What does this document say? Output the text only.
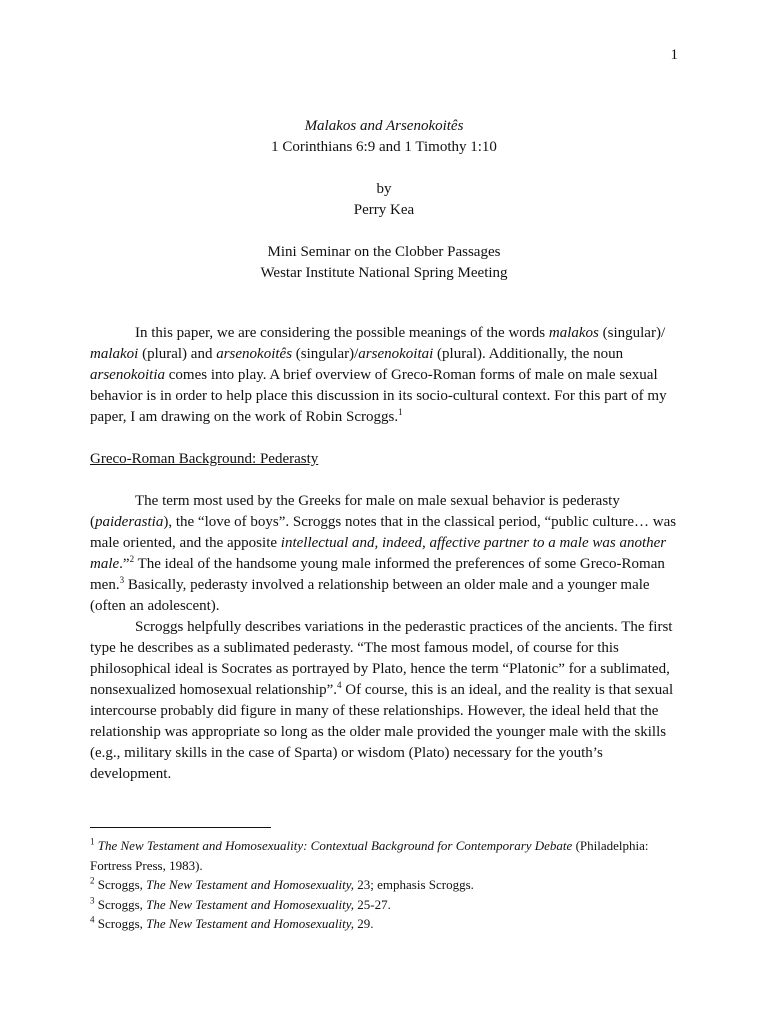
1
Malakos and Arsenokoitês
1 Corinthians 6:9 and 1 Timothy 1:10
by
Perry Kea
Mini Seminar on the Clobber Passages
Westar Institute National Spring Meeting

In this paper, we are considering the possible meanings of the words malakos (singular)/ malakoi (plural) and arsenokoitês (singular)/arsenokoitai (plural). Additionally, the noun arsenokoitia comes into play. A brief overview of Greco-Roman forms of male on male sexual behavior is in order to help place this discussion in its socio-cultural context. For this part of my paper, I am drawing on the work of Robin Scroggs.$^1$

Greco-Roman Background: Pederasty

The term most used by the Greeks for male on male sexual behavior is pederasty (paiderastia), the “love of boys”. Scroggs notes that in the classical period, “public culture… was male oriented, and the apposite intellectual and, indeed, affective partner to a male was another male.”$^2$ The ideal of the handsome young male informed the preferences of some Greco-Roman men.$^3$ Basically, pederasty involved a relationship between an older male and a younger male (often an adolescent).

Scroggs helpfully describes variations in the pederastic practices of the ancients. The first type he describes as a sublimated pederasty. “The most famous model, of course for this philosophical ideal is Socrates as portrayed by Plato, hence the term “Platonic” for a sublimated, nonsexualized homosexual relationship”.$^4$ Of course, this is an ideal, and the reality is that sexual intercourse probably did figure in many of these relationships. However, the ideal held that the relationship was appropriate so long as the older male provided the younger male with the skills (e.g., military skills in the case of Sparta) or wisdom (Plato) necessary for the youth’s development.

$^1$ The New Testament and Homosexuality: Contextual Background for Contemporary Debate (Philadelphia: Fortress Press, 1983).

$^2$ Scroggs, The New Testament and Homosexuality, 23; emphasis Scroggs.

$^3$ Scroggs, The New Testament and Homosexuality, 25-27.

$^4$ Scroggs, The New Testament and Homosexuality, 29.
